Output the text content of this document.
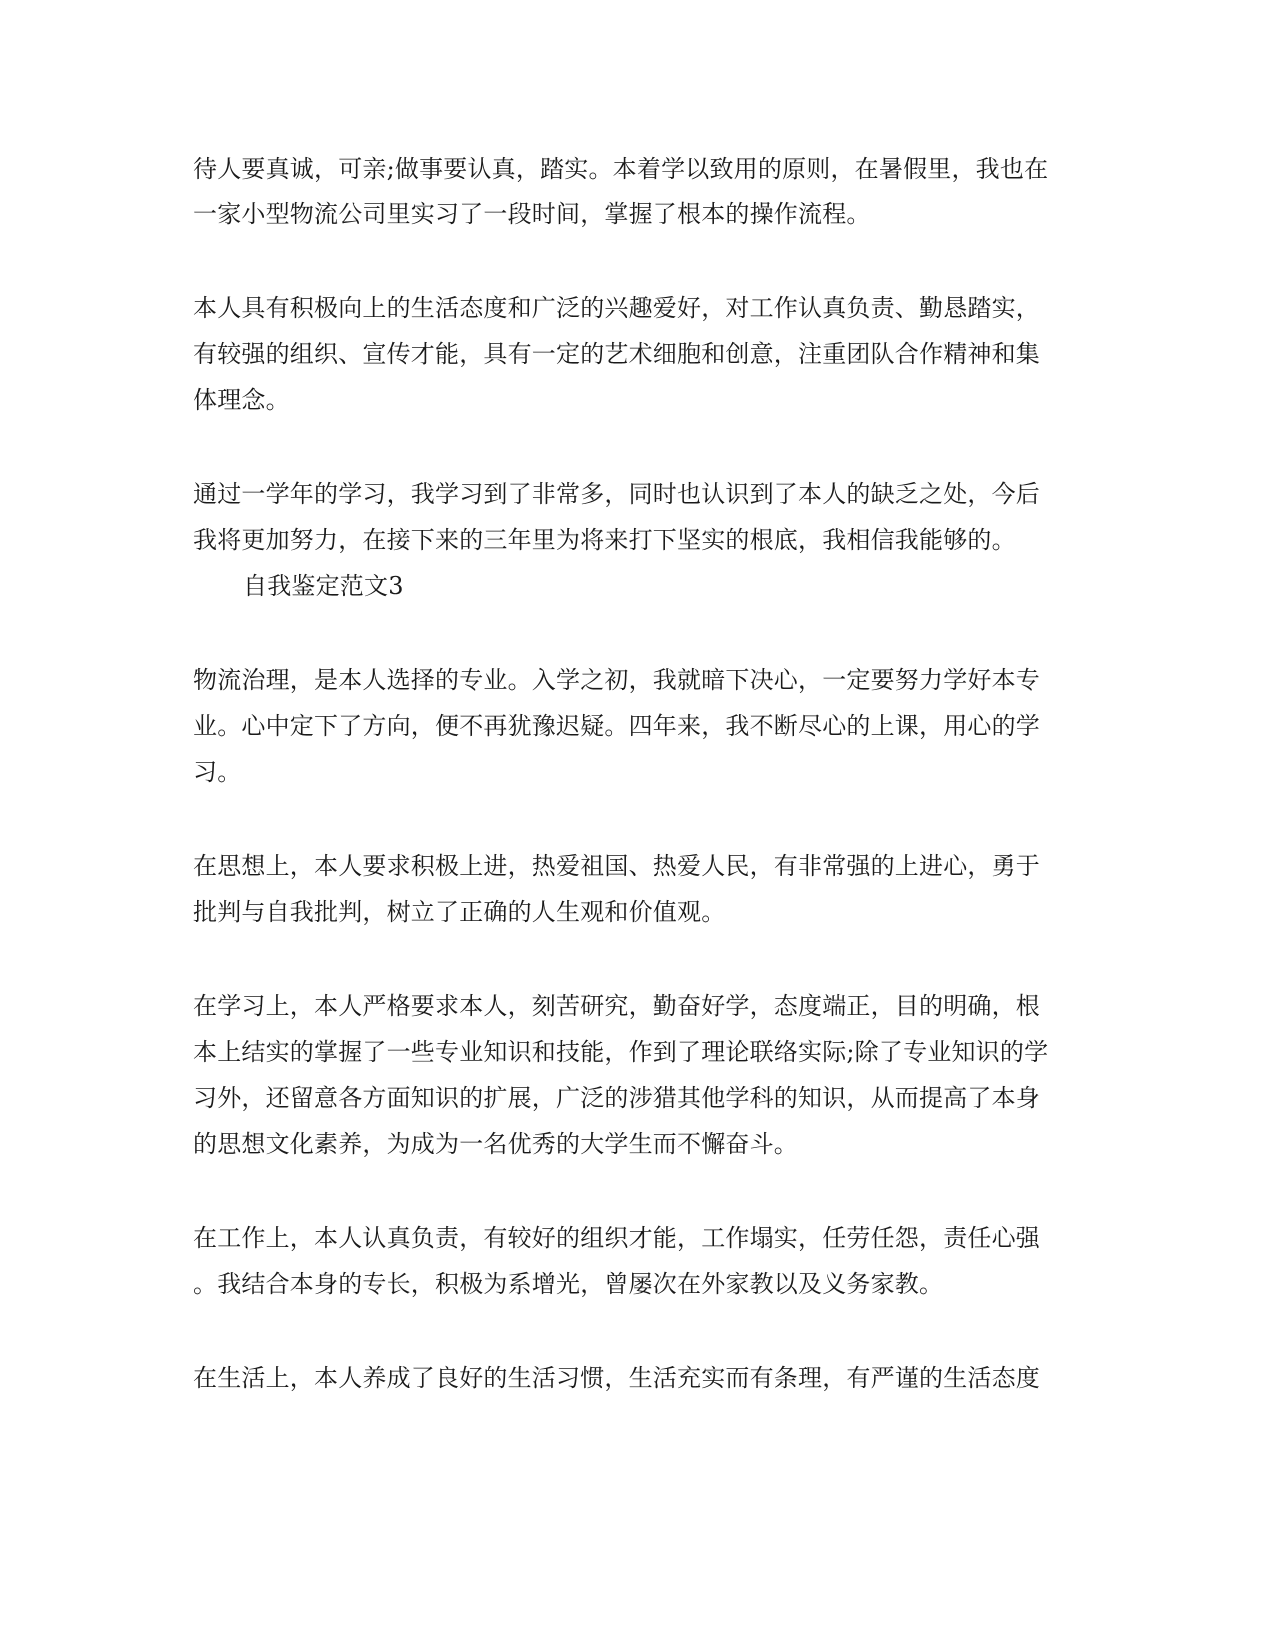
待人要真诚，可亲;做事要认真，踏实。本着学以致用的原则，在暑假里，我也在
一家小型物流公司里实习了一段时间，掌握了根本的操作流程。
本人具有积极向上的生活态度和广泛的兴趣爱好，对工作认真负责、勤恳踏实，
有较强的组织、宣传才能，具有一定的艺术细胞和创意，注重团队合作精神和集
体理念。
通过一学年的学习，我学习到了非常多，同时也认识到了本人的缺乏之处，今后
我将更加努力，在接下来的三年里为将来打下坚实的根底，我相信我能够的。
自我鉴定范文3
物流治理，是本人选择的专业。入学之初，我就暗下决心，一定要努力学好本专
业。心中定下了方向，便不再犹豫迟疑。四年来，我不断尽心的上课，用心的学
习。
在思想上，本人要求积极上进，热爱祖国、热爱人民，有非常强的上进心，勇于
批判与自我批判，树立了正确的人生观和价值观。
在学习上，本人严格要求本人，刻苦研究，勤奋好学，态度端正，目的明确，根
本上结实的掌握了一些专业知识和技能，作到了理论联络实际;除了专业知识的学
习外，还留意各方面知识的扩展，广泛的涉猎其他学科的知识，从而提高了本身
的思想文化素养，为成为一名优秀的大学生而不懈奋斗。
在工作上，本人认真负责，有较好的组织才能，工作塌实，任劳任怨，责任心强
。我结合本身的专长，积极为系增光，曾屡次在外家教以及义务家教。
在生活上，本人养成了良好的生活习惯，生活充实而有条理，有严谨的生活态度
